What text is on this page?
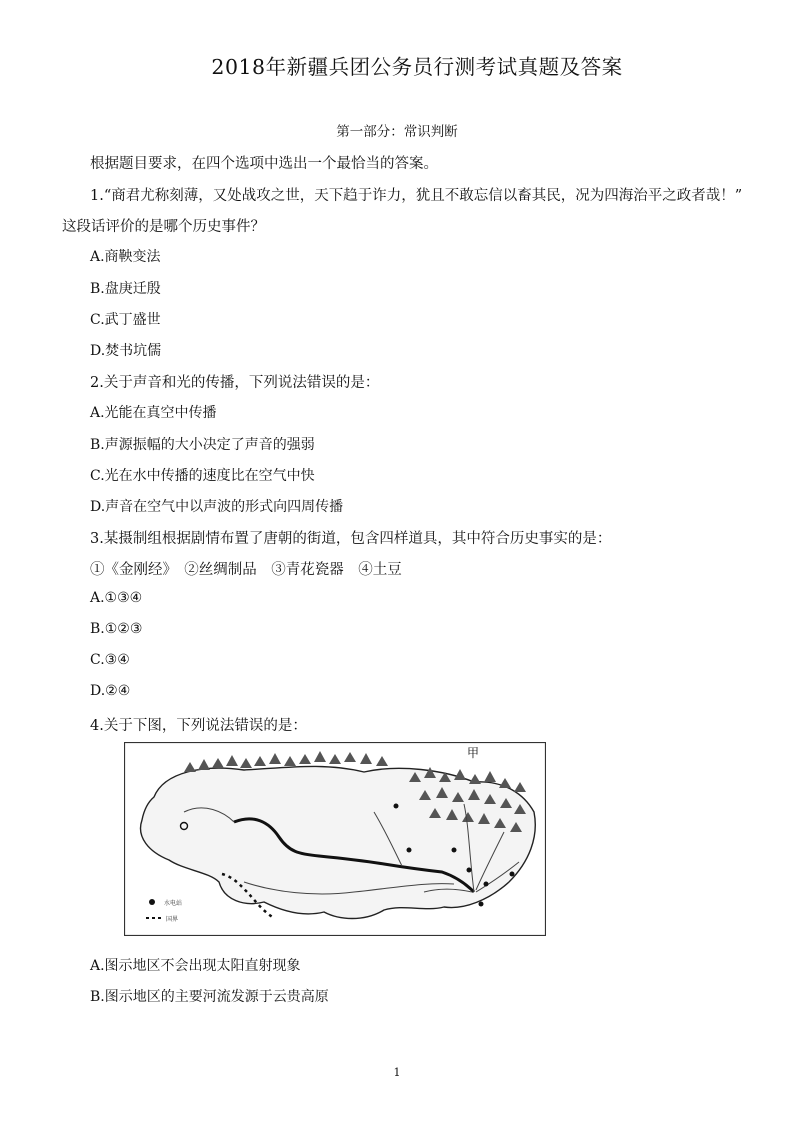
2018年新疆兵团公务员行测考试真题及答案
第一部分：常识判断
根据题目要求，在四个选项中选出一个最恰当的答案。
1.“商君尤称刻薄，又处战攻之世，天下趋于诈力，犹且不敢忘信以畜其民，况为四海治平之政者哉！”
这段话评价的是哪个历史事件？
A.商鞅变法
B.盘庚迁殷
C.武丁盛世
D.焚书坑儒
2.关于声音和光的传播，下列说法错误的是：
A.光能在真空中传播
B.声源振幅的大小决定了声音的强弱
C.光在水中传播的速度比在空气中快
D.声音在空气中以声波的形式向四周传播
3.某摄制组根据剧情布置了唐朝的街道，包含四样道具，其中符合历史事实的是：
①《金刚经》　②丝绸制品　③青花瓷器　④土豆
A.①③④
B.①②③
C.③④
D.②④
4.关于下图，下列说法错误的是：
甲
水电站
国界
A.图示地区不会出现太阳直射现象
B.图示地区的主要河流发源于云贵高原
1
